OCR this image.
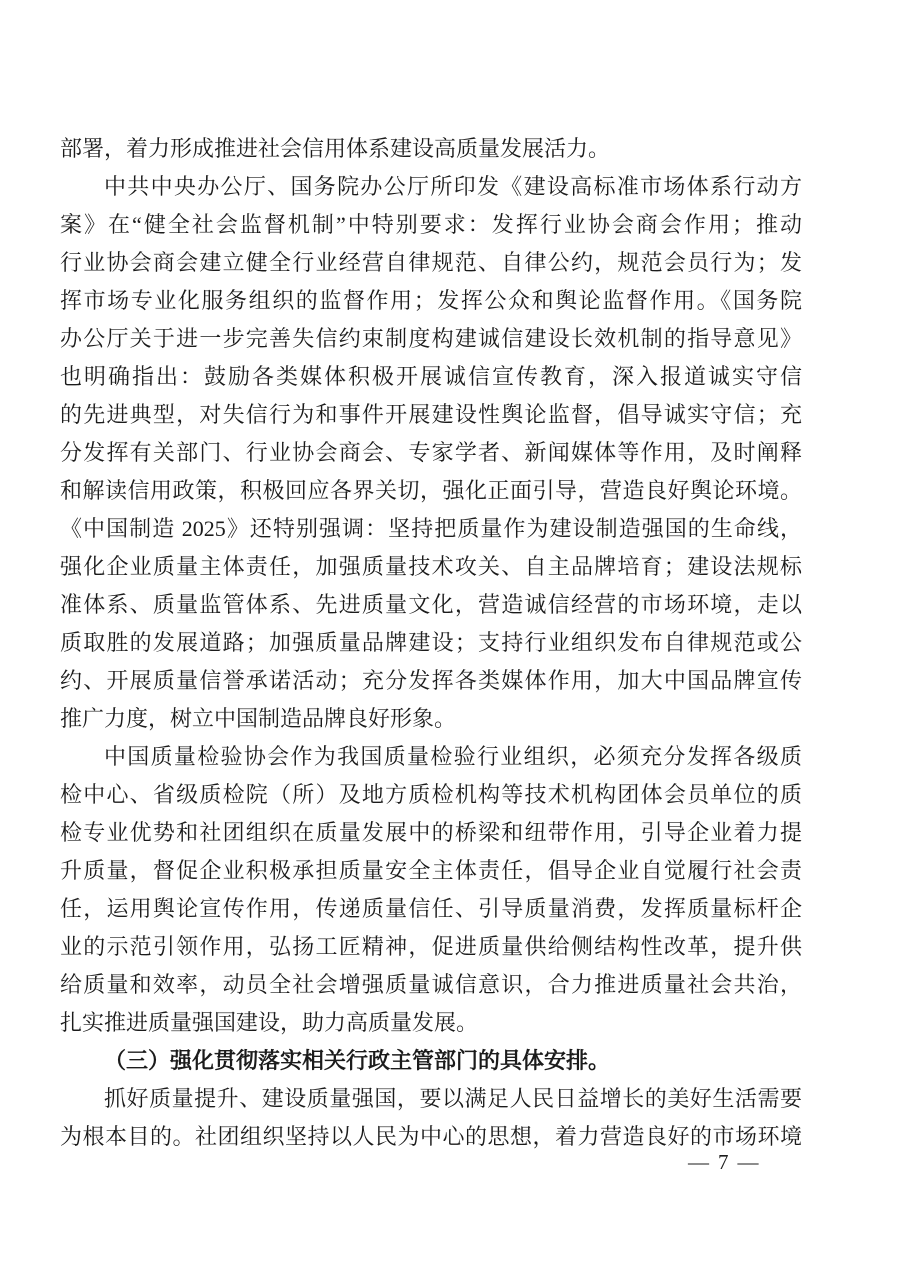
部署，着力形成推进社会信用体系建设高质量发展活力。
中共中央办公厅、国务院办公厅所印发《建设高标准市场体系行动方
案》在“健全社会监督机制”中特别要求：发挥行业协会商会作用；推动
行业协会商会建立健全行业经营自律规范、自律公约，规范会员行为；发
挥市场专业化服务组织的监督作用；发挥公众和舆论监督作用。《国务院
办公厅关于进一步完善失信约束制度构建诚信建设长效机制的指导意见》
也明确指出：鼓励各类媒体积极开展诚信宣传教育，深入报道诚实守信
的先进典型，对失信行为和事件开展建设性舆论监督，倡导诚实守信；充
分发挥有关部门、行业协会商会、专家学者、新闻媒体等作用，及时阐释
和解读信用政策，积极回应各界关切，强化正面引导，营造良好舆论环境。
《中国制造 2025》还特别强调：坚持把质量作为建设制造强国的生命线，
强化企业质量主体责任，加强质量技术攻关、自主品牌培育；建设法规标
准体系、质量监管体系、先进质量文化，营造诚信经营的市场环境，走以
质取胜的发展道路；加强质量品牌建设；支持行业组织发布自律规范或公
约、开展质量信誉承诺活动；充分发挥各类媒体作用，加大中国品牌宣传
推广力度，树立中国制造品牌良好形象。
中国质量检验协会作为我国质量检验行业组织，必须充分发挥各级质
检中心、省级质检院（所）及地方质检机构等技术机构团体会员单位的质
检专业优势和社团组织在质量发展中的桥梁和纽带作用，引导企业着力提
升质量，督促企业积极承担质量安全主体责任，倡导企业自觉履行社会责
任，运用舆论宣传作用，传递质量信任、引导质量消费，发挥质量标杆企
业的示范引领作用，弘扬工匠精神，促进质量供给侧结构性改革，提升供
给质量和效率，动员全社会增强质量诚信意识，合力推进质量社会共治，
扎实推进质量强国建设，助力高质量发展。
（三）强化贯彻落实相关行政主管部门的具体安排。
抓好质量提升、建设质量强国，要以满足人民日益增长的美好生活需要
为根本目的。社团组织坚持以人民为中心的思想，着力营造良好的市场环境
— 7 —
